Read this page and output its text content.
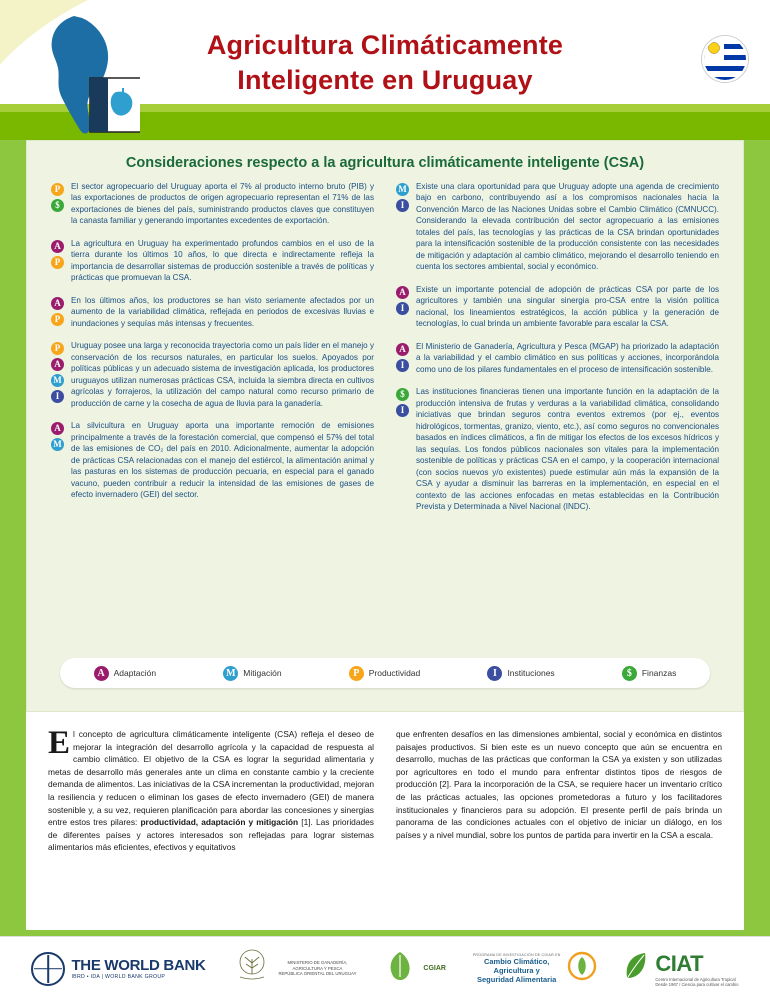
Agricultura Climáticamente
Inteligente en Uruguay
Consideraciones respecto a la agricultura climáticamente inteligente (CSA)
P
$
El sector agropecuario del Uruguay aporta el 7% al producto interno bruto (PIB) y las exportaciones de productos de origen agropecuario representan el 71% de las exportaciones de bienes del país, suministrando productos claves que constituyen la canasta familiar y generando importantes excedentes de exportación.
A
P
La agricultura en Uruguay ha experimentado profundos cambios en el uso de la tierra durante los últimos 10 años, lo que directa e indirectamente refleja la importancia de desarrollar sistemas de producción sostenible a través de políticas y prácticas que promuevan la CSA.
A
P
En los últimos años, los productores se han visto seriamente afectados por un aumento de la variabilidad climática, reflejada en periodos de excesivas lluvias e inundaciones y sequías más intensas y frecuentes.
P
A
M
I
Uruguay posee una larga y reconocida trayectoria como un país líder en el manejo y conservación de los recursos naturales, en particular los suelos. Apoyados por políticas públicas y un adecuado sistema de investigación aplicada, los productores uruguayos utilizan numerosas prácticas CSA, incluida la siembra directa en cultivos agrícolas y forrajeros, la utilización del campo natural como recurso primario de producción de carne y la cosecha de agua de lluvia para la ganadería.
A
M
La silvicultura en Uruguay aporta una importante remoción de emisiones principalmente a través de la forestación comercial, que compensó el 57% del total de las emisiones de CO₂ del país en 2010. Adicionalmente, aumentar la adopción de prácticas CSA relacionadas con el manejo del estiércol, la alimentación animal y las pasturas en los sistemas de producción pecuaria, en especial para el ganado vacuno, pueden contribuir a reducir la intensidad de las emisiones de gases de efecto invernadero (GEI) del sector.
M
I
Existe una clara oportunidad para que Uruguay adopte una agenda de crecimiento bajo en carbono, contribuyendo así a los compromisos nacionales hacia la Convención Marco de las Naciones Unidas sobre el Cambio Climático (CMNUCC). Considerando la elevada contribución del sector agropecuario a las emisiones totales del país, las tecnologías y las prácticas de la CSA brindan oportunidades para la intensificación sostenible de la producción consistente con las necesidades de mitigación y adaptación al cambio climático, mejorando el desarrollo teniendo en cuenta los sectores ambiental, social y económico.
A
I
Existe un importante potencial de adopción de prácticas CSA por parte de los agricultores y también una singular sinergia pro-CSA entre la visión política nacional, los lineamientos estratégicos, la acción pública y la generación de tecnologías, lo cual brinda un ambiente favorable para escalar la CSA.
A
I
El Ministerio de Ganadería, Agricultura y Pesca (MGAP) ha priorizado la adaptación a la variabilidad y el cambio climático en sus políticas y acciones, incorporándola como uno de los pilares fundamentales en el proceso de intensificación sostenible.
$
I
Las instituciones financieras tienen una importante función en la adaptación de la producción intensiva de frutas y verduras a la variabilidad climática, consolidando iniciativas que brindan seguros contra eventos extremos (por ej., eventos hidrológicos, tormentas, granizo, viento, etc.), así como seguros no convencionales basados en índices climáticos, a fin de mitigar los efectos de los excesos hídricos y las sequías. Los fondos públicos nacionales son vitales para la implementación sostenible de políticas y prácticas CSA en el campo, y la cooperación internacional (con socios nuevos y/o existentes) puede estimular aún más la expansión de la CSA y ayudar a disminuir las barreras en la implementación, en especial en el contexto de las acciones enfocadas en metas establecidas en la Contribución Prevista y Determinada a Nivel Nacional (INDC).
A	Adaptación	M Mitigación	P	Productividad	I	Instituciones	$	Finanzas
El concepto de agricultura climáticamente inteligente (CSA) refleja el deseo de mejorar la integración del desarrollo agrícola y la capacidad de respuesta al cambio climático. El objetivo de la CSA es lograr la seguridad alimentaria y metas de desarrollo más generales ante un clima en constante cambio y la creciente demanda de alimentos. Las iniciativas de la CSA incrementan la productividad, mejoran la resiliencia y reducen o eliminan los gases de efecto invernadero (GEI) de manera sostenible y, a su vez, requieren planificación para abordar las concesiones y sinergias entre estos tres pilares: productividad, adaptación y mitigación [1]. Las prioridades de diferentes países y actores interesados son reflejadas para lograr sistemas alimentarios más eficientes, efectivos y equitativos
que enfrenten desafíos en las dimensiones ambiental, social y económica en distintos paisajes productivos. Si bien este es un nuevo concepto que aún se encuentra en desarrollo, muchas de las prácticas que conforman la CSA ya existen y son utilizadas por agricultores en todo el mundo para enfrentar distintos tipos de riesgos de producción [2]. Para la incorporación de la CSA, se requiere hacer un inventario crítico de las prácticas actuales, las opciones prometedoras a futuro y los facilitadores institucionales y financieros para su adopción. El presente perfil de país brinda un panorama de las condiciones actuales con el objetivo de iniciar un diálogo, en los países y a nivel mundial, sobre los puntos de partida para invertir en la CSA a escala.
THE WORLD BANK
IBRD • IDA | WORLD BANK GROUP
MINISTERIO DE GANADERÍA,
AGRICULTURA Y PESCA
REPÚBLICA ORIENTAL DEL URUGUAY
CGIAR
PROGRAMA DE INVESTIGACIÓN DE CGIAR EN
Cambio Climático,
Agricultura y
Seguridad Alimentaria
CIAT
Centro Internacional de Agricultura Tropical
Desde 1967 / Ciencia para cultivar el cambio
